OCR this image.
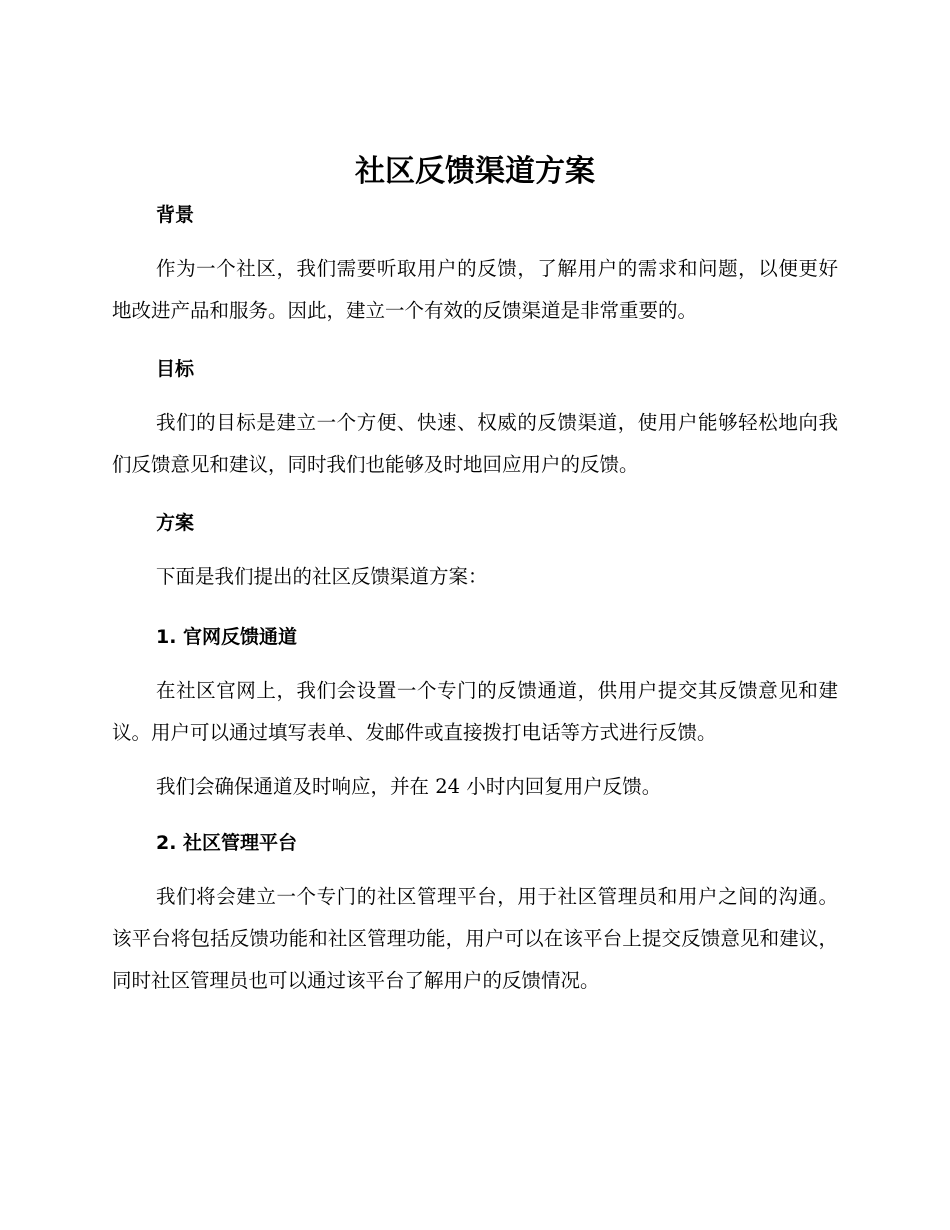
社区反馈渠道方案
背景

作为一个社区，我们需要听取用户的反馈，了解用户的需求和问题，以便更好地改进产品和服务。因此，建立一个有效的反馈渠道是非常重要的。

目标

我们的目标是建立一个方便、快速、权威的反馈渠道，使用户能够轻松地向我们反馈意见和建议，同时我们也能够及时地回应用户的反馈。

方案

下面是我们提出的社区反馈渠道方案：

1. 官网反馈通道

在社区官网上，我们会设置一个专门的反馈通道，供用户提交其反馈意见和建议。用户可以通过填写表单、发邮件或直接拨打电话等方式进行反馈。

我们会确保通道及时响应，并在 24 小时内回复用户反馈。

2. 社区管理平台

我们将会建立一个专门的社区管理平台，用于社区管理员和用户之间的沟通。该平台将包括反馈功能和社区管理功能，用户可以在该平台上提交反馈意见和建议，同时社区管理员也可以通过该平台了解用户的反馈情况。
